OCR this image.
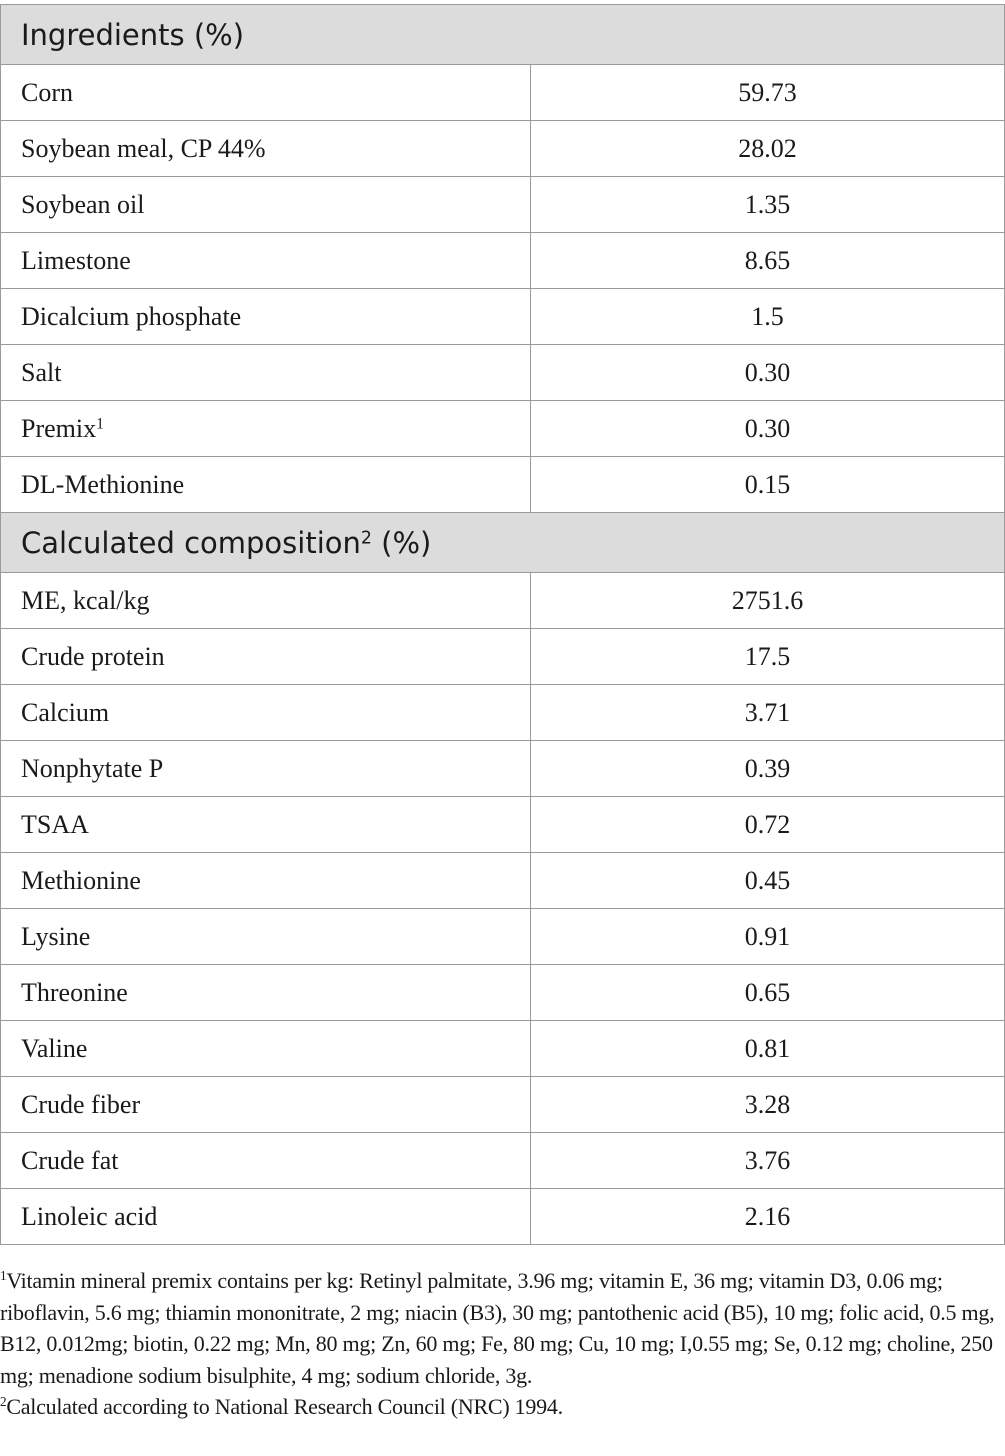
Ingredients (%)	
Corn	59.73
Soybean meal, CP 44%	28.02
Soybean oil	1.35
Limestone	8.65
Dicalcium phosphate	1.5
Salt	0.30
Premix$^1$	0.30
DL-Methionine	0.15
Calculated composition$^2$ (%)	
ME, kcal/kg	2751.6
Crude protein	17.5
Calcium	3.71
Nonphytate P	0.39
TSAA	0.72
Methionine	0.45
Lysine	0.91
Threonine	0.65
Valine	0.81
Crude fiber	3.28
Crude fat	3.76
Linoleic acid	2.16

$^1$Vitamin mineral premix contains per kg: Retinyl palmitate, 3.96 mg; vitamin E, 36 mg; vitamin D3, 0.06 mg; riboflavin, 5.6 mg; thiamin mononitrate, 2 mg; niacin (B3), 30 mg; pantothenic acid (B5), 10 mg; folic acid, 0.5 mg, B12, 0.012mg; biotin, 0.22 mg; Mn, 80 mg; Zn, 60 mg; Fe, 80 mg; Cu, 10 mg; I,0.55 mg; Se, 0.12 mg; choline, 250 mg; menadione sodium bisulphite, 4 mg; sodium chloride, 3g.

$^2$Calculated according to National Research Council (NRC) 1994.
